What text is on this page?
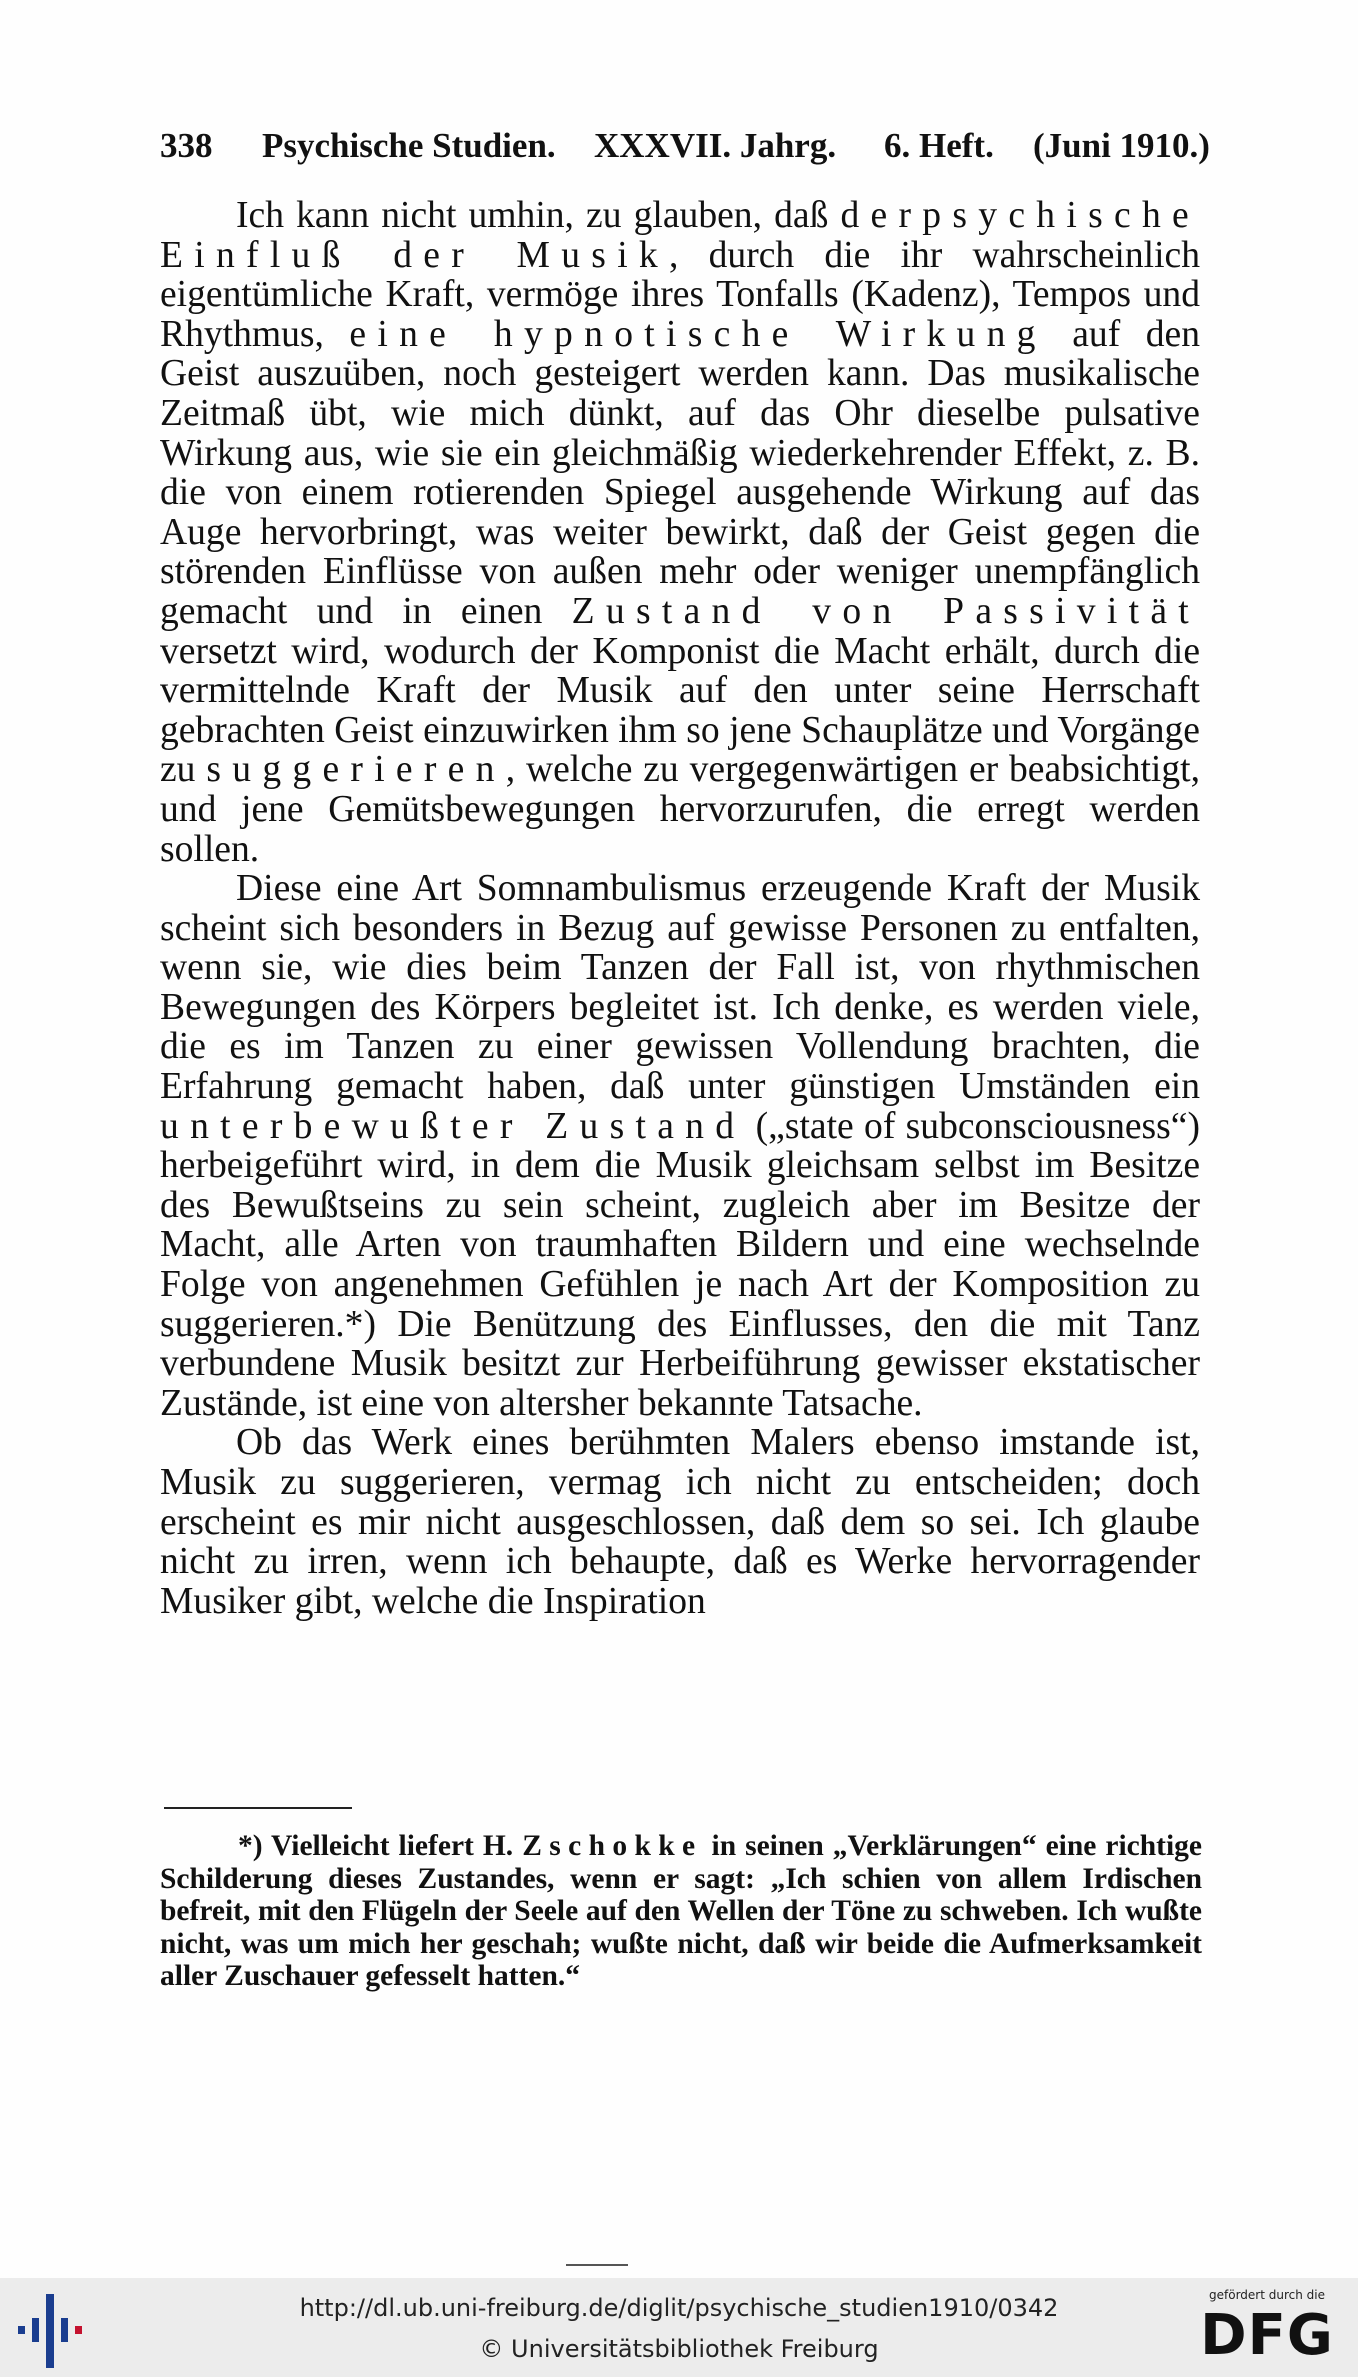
338 Psychische Studien. XXXVII. Jahrg. 6. Heft. (Juni 1910.)

Ich kann nicht umhin, zu glauben, daß derpsychische Einfluß der Musik, durch die ihr wahrscheinlich eigentümliche Kraft, vermöge ihres Tonfalls (Kadenz), Tempos und Rhythmus, eine hypnotische Wirkung auf den Geist auszuüben, noch gesteigert werden kann. Das musikalische Zeitmaß übt, wie mich dünkt, auf das Ohr dieselbe pulsative Wirkung aus, wie sie ein gleichmäßig wiederkehrender Effekt, z. B. die von einem rotierenden Spiegel ausgehende Wirkung auf das Auge hervorbringt, was weiter bewirkt, daß der Geist gegen die störenden Einflüsse von außen mehr oder weniger unempfänglich gemacht und in einen Zustand von Passivität versetzt wird, wodurch der Komponist die Macht erhält, durch die vermittelnde Kraft der Musik auf den unter seine Herrschaft gebrachten Geist einzuwirken ihm so jene Schauplätze und Vorgänge zu suggerieren, welche zu vergegenwärtigen er beabsichtigt, und jene Gemütsbewegungen hervorzurufen, die erregt werden sollen.

Diese eine Art Somnambulismus erzeugende Kraft der Musik scheint sich besonders in Bezug auf gewisse Personen zu entfalten, wenn sie, wie dies beim Tanzen der Fall ist, von rhythmischen Bewegungen des Körpers begleitet ist. Ich denke, es werden viele, die es im Tanzen zu einer gewissen Vollendung brachten, die Erfahrung gemacht haben, daß unter günstigen Umständen ein unterbewußter Zustand („state of subconsciousness“) herbeigeführt wird, in dem die Musik gleichsam selbst im Besitze des Bewußtseins zu sein scheint, zugleich aber im Besitze der Macht, alle Arten von traumhaften Bildern und eine wechselnde Folge von angenehmen Gefühlen je nach Art der Komposition zu suggerieren.*) Die Benützung des Einflusses, den die mit Tanz verbundene Musik besitzt zur Herbeiführung gewisser ekstatischer Zustände, ist eine von altersher bekannte Tatsache.

Ob das Werk eines berühmten Malers ebenso imstande ist, Musik zu suggerieren, vermag ich nicht zu entscheiden; doch erscheint es mir nicht ausgeschlossen, daß dem so sei. Ich glaube nicht zu irren, wenn ich behaupte, daß es Werke hervorragender Musiker gibt, welche die Inspiration

*) Vielleicht liefert H. Zschokke in seinen „Verklärungen“ eine richtige Schilderung dieses Zustandes, wenn er sagt: „Ich schien von allem Irdischen befreit, mit den Flügeln der Seele auf den Wellen der Töne zu schweben. Ich wußte nicht, was um mich her geschah; wußte nicht, daß wir beide die Aufmerksamkeit aller Zuschauer gefesselt hatten.“

http://dl.ub.uni-freiburg.de/diglit/psychische_studien1910/0342
© Universitätsbibliothek Freiburg
gefördert durch die
DFG
